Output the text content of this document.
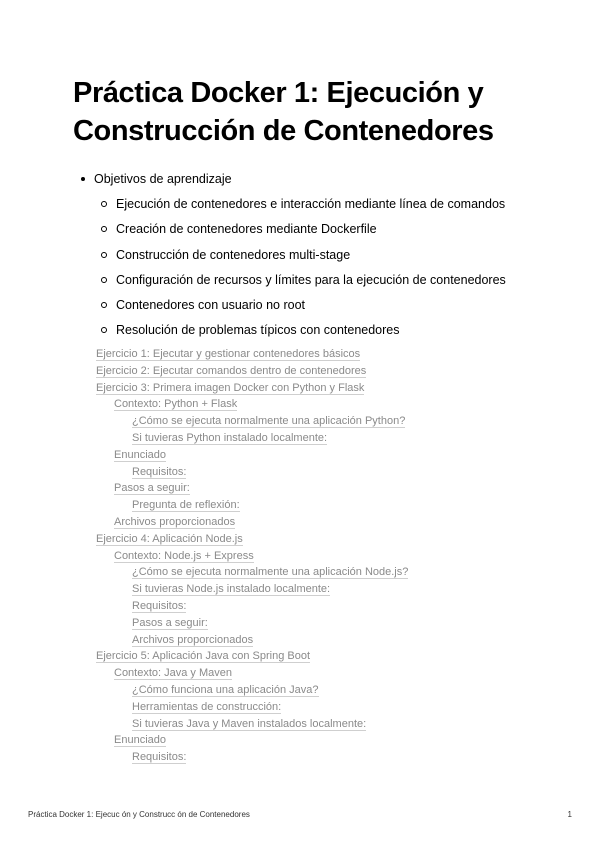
Práctica Docker 1: Ejecución y Construcción de Contenedores
Objetivos de aprendizaje
Ejecución de contenedores e interacción mediante línea de comandos
Creación de contenedores mediante Dockerfile
Construcción de contenedores multi-stage
Configuración de recursos y límites para la ejecución de contenedores
Contenedores con usuario no root
Resolución de problemas típicos con contenedores
Ejercicio 1: Ejecutar y gestionar contenedores básicos
Ejercicio 2: Ejecutar comandos dentro de contenedores
Ejercicio 3: Primera imagen Docker con Python y Flask
Contexto: Python + Flask
¿Cómo se ejecuta normalmente una aplicación Python?
Si tuvieras Python instalado localmente:
Enunciado
Requisitos:
Pasos a seguir:
Pregunta de reflexión:
Archivos proporcionados
Ejercicio 4: Aplicación Node.js
Contexto: Node.js + Express
¿Cómo se ejecuta normalmente una aplicación Node.js?
Si tuvieras Node.js instalado localmente:
Requisitos:
Pasos a seguir:
Archivos proporcionados
Ejercicio 5: Aplicación Java con Spring Boot
Contexto: Java y Maven
¿Cómo funciona una aplicación Java?
Herramientas de construcción:
Si tuvieras Java y Maven instalados localmente:
Enunciado
Requisitos:
Práctica Docker 1: Ejecuc ón y Construcc ón de Contenedores	1
